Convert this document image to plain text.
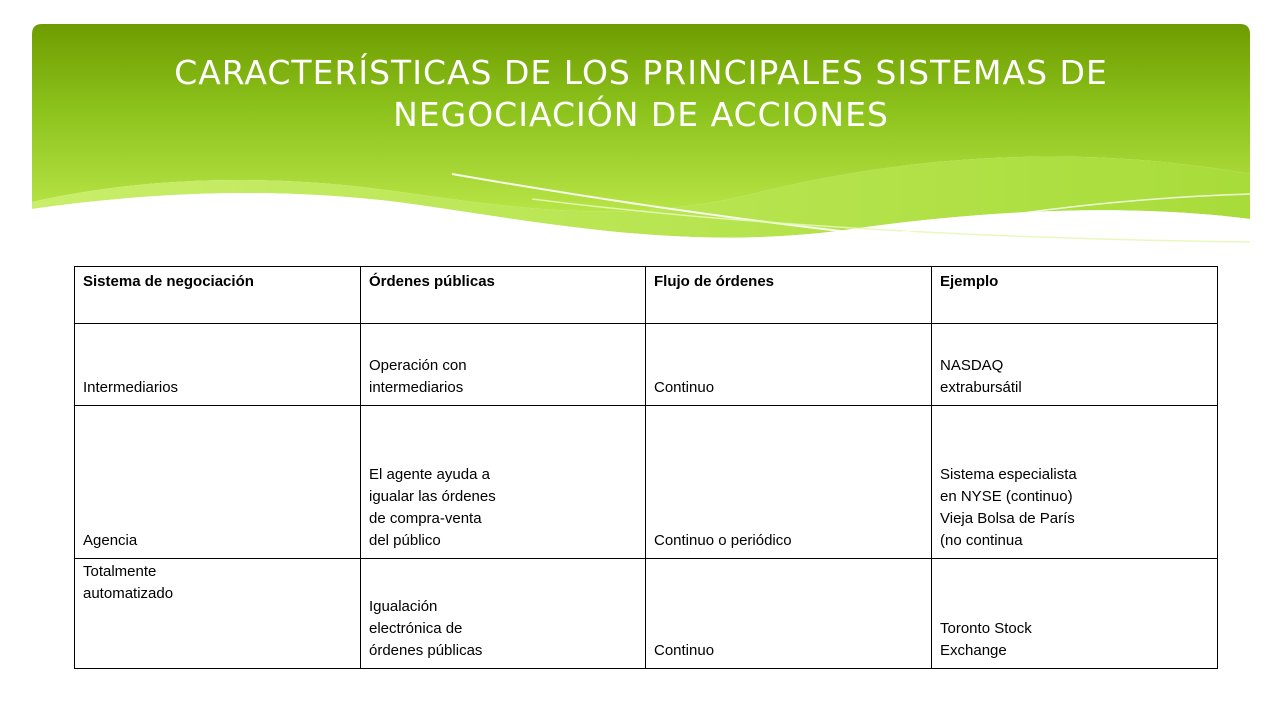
CARACTERÍSTICAS DE LOS PRINCIPALES SISTEMAS DE
NEGOCIACIÓN DE ACCIONES
Sistema de negociación	Órdenes públicas	Flujo de órdenes	Ejemplo

Intermediarios	Operación con
intermediarios	Continuo	NASDAQ
extrabursátil

Agencia	El agente ayuda a
igualar las órdenes
de compra-venta
del público	Continuo o periódico	Sistema especialista
en NYSE (continuo)
Vieja Bolsa de París
(no continua

Totalmente
automatizado	Igualación
electrónica de
órdenes públicas	Continuo	Toronto Stock
Exchange
